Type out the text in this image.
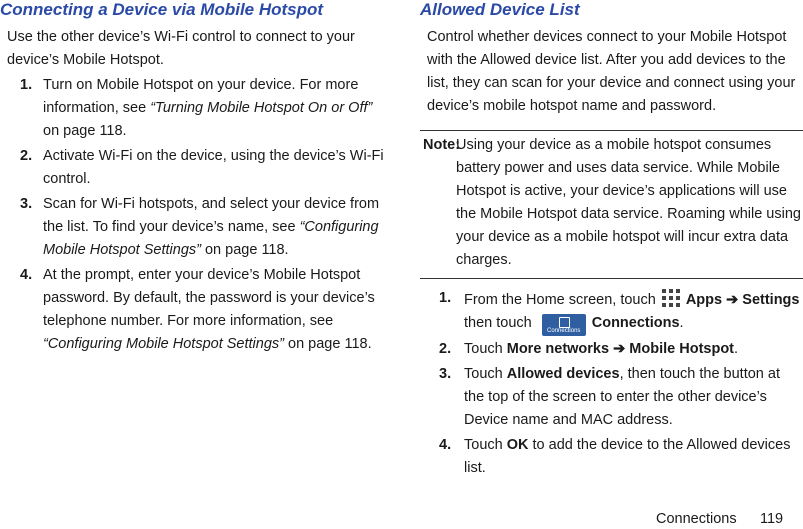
Connecting a Device via Mobile Hotspot
Use the other device’s Wi-Fi control to connect to your device’s Mobile Hotspot.
1. Turn on Mobile Hotspot on your device. For more information, see “Turning Mobile Hotspot On or Off” on page 118.
2. Activate Wi-Fi on the device, using the device’s Wi-Fi control.
3. Scan for Wi-Fi hotspots, and select your device from the list. To find your device’s name, see “Configuring Mobile Hotspot Settings” on page 118.
4. At the prompt, enter your device’s Mobile Hotspot password. By default, the password is your device’s telephone number. For more information, see “Configuring Mobile Hotspot Settings” on page 118.
Allowed Device List
Control whether devices connect to your Mobile Hotspot with the Allowed device list. After you add devices to the list, they can scan for your device and connect using your device’s mobile hotspot name and password.
Note:
Using your device as a mobile hotspot consumes battery power and uses data service. While Mobile Hotspot is active, your device’s applications will use the Mobile Hotspot data service. Roaming while using your device as a mobile hotspot will incur extra data charges.
1. From the Home screen, touch Apps ➔ Settings
then touch	Connections Connections.
2. Touch More networks ➔ Mobile Hotspot.
3. Touch Allowed devices, then touch the button at the top of the screen to enter the other device’s Device name and MAC address.
4. Touch OK to add the device to the Allowed devices list.
Connections 119
